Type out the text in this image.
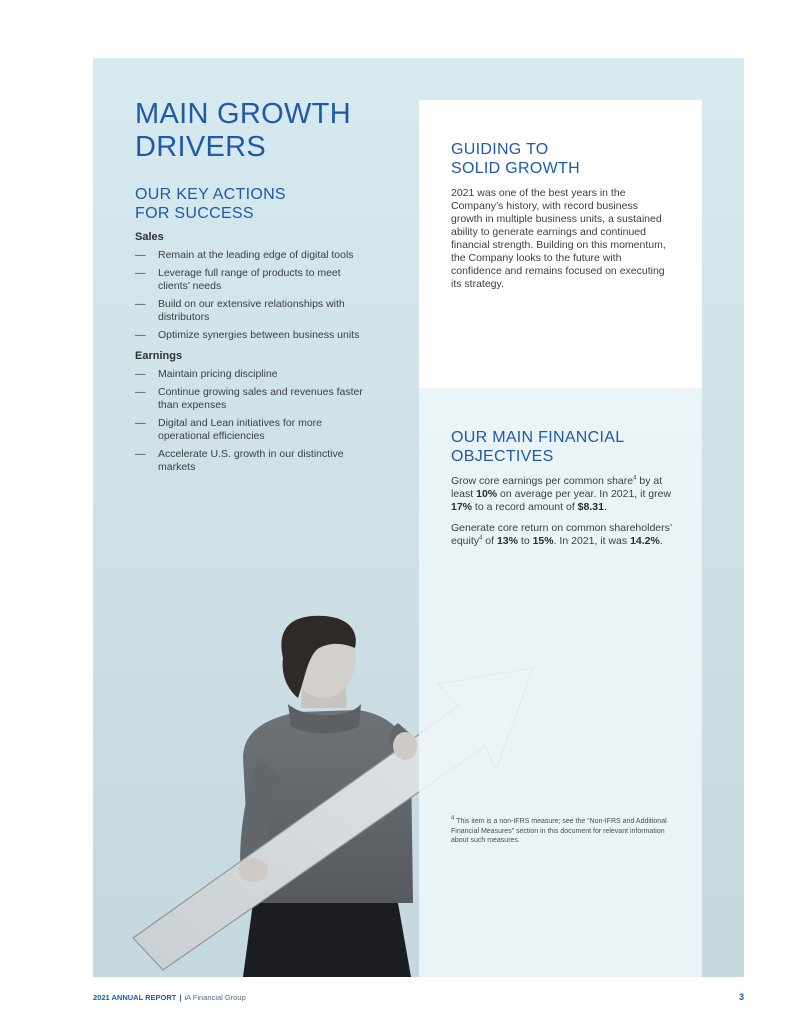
MAIN GROWTH
DRIVERS
OUR KEY ACTIONS
FOR SUCCESS

Sales

— Remain at the leading edge of digital tools
— Leverage full range of products to meet clients’ needs
— Build on our extensive relationships with distributors
— Optimize synergies between business units

Earnings

— Maintain pricing discipline
— Continue growing sales and revenues faster than expenses
— Digital and Lean initiatives for more operational efficiencies
— Accelerate U.S. growth in our distinctive markets
GUIDING TO
SOLID GROWTH

2021 was one of the best years in the Company’s history, with record business growth in multiple business units, a sustained ability to generate earnings and continued financial strength. Building on this momentum, the Company looks to the future with confidence and remains focused on executing its strategy.

OUR MAIN FINANCIAL
OBJECTIVES

Grow core earnings per common share$^4$ by at least 10% on average per year. In 2021, it grew 17% to a record amount of $8.31.

Generate core return on common shareholders’ equity$^4$ of 13% to 15%. In 2021, it was 14.2%.

$^4$ This item is a non-IFRS measure; see the “Non-IFRS and Additional Financial Measures” section in this document for relevant information about such measures.

2021 ANNUAL REPORT | iA Financial Group	3
